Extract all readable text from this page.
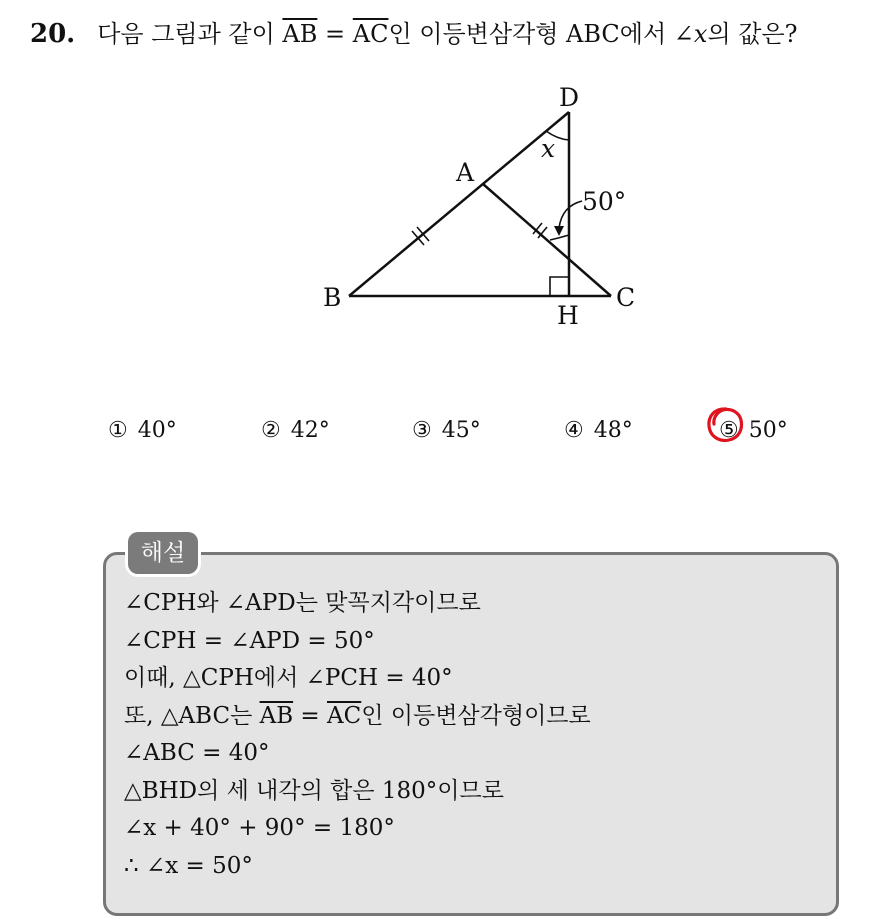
20. 다음 그림과 같이 $\overline{AB} = \overline{AC}$인 이등변삼각형 ABC에서 ∠x의 값은?
D
A
B	C
H
x
50°
① 40°	② 42°	③ 45°	④ 48°	⑤ 50°
해설
∠CPH와 ∠APD는 맞꼭지각이므로
∠CPH = ∠APD = 50°
이때, △CPH에서 ∠PCH = 40°
또, △ABC는 $\overline{AB} = \overline{AC}$인 이등변삼각형이므로
∠ABC = 40°
△BHD의 세 내각의 합은 180°이므로
∠x + 40° + 90° = 180°
∴ ∠x = 50°
